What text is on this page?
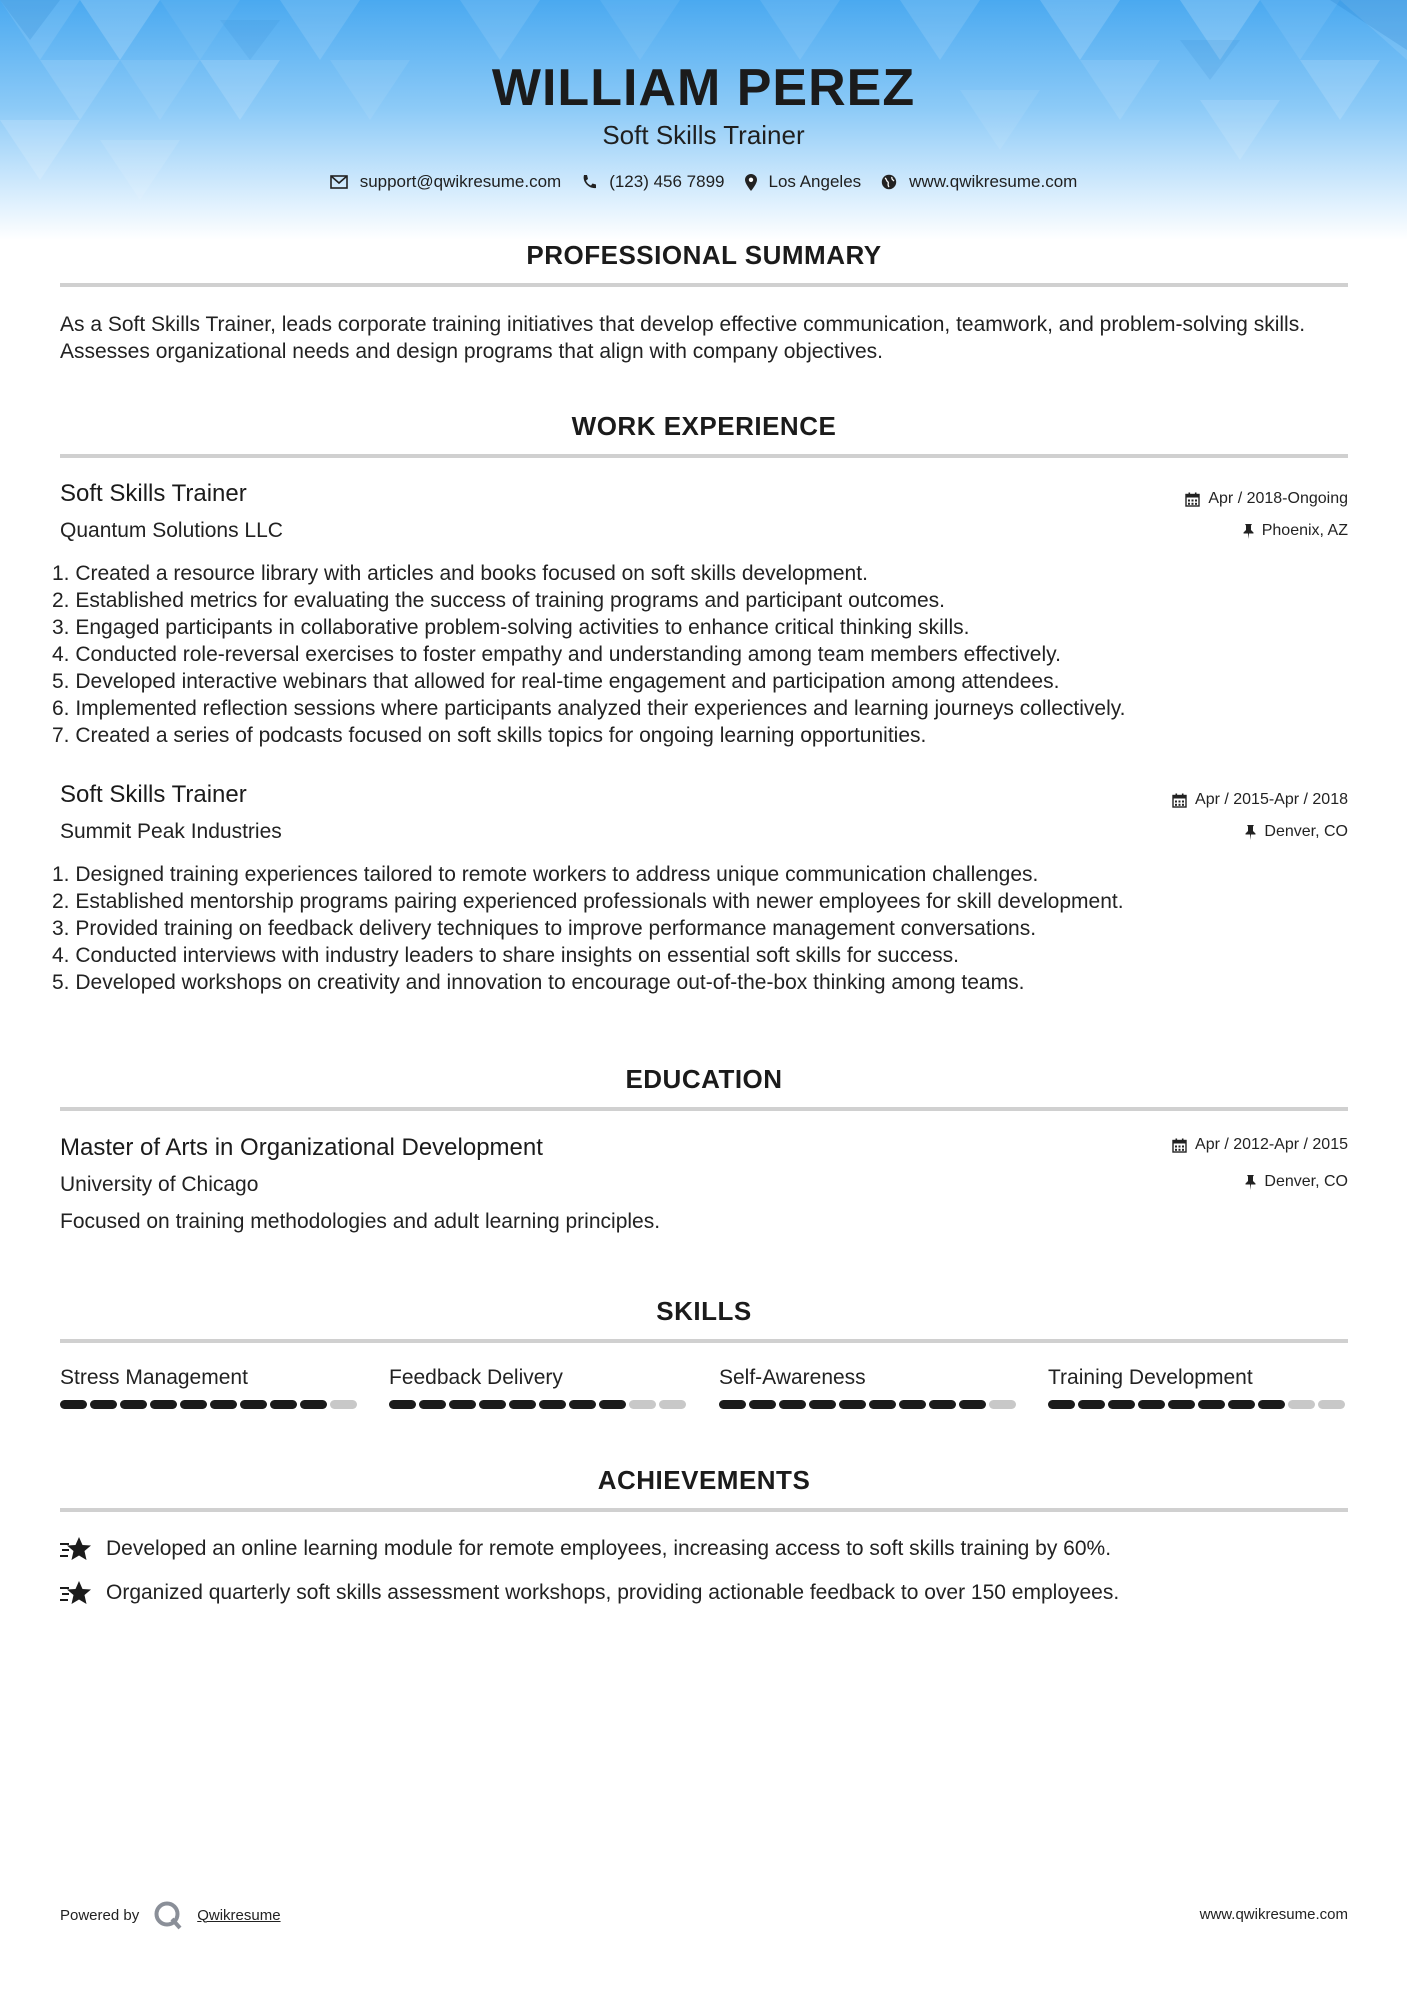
WILLIAM PEREZ
Soft Skills Trainer
support@qwikresume.com	(123) 456 7899	Los Angeles	www.qwikresume.com
PROFESSIONAL SUMMARY
As a Soft Skills Trainer, leads corporate training initiatives that develop effective communication, teamwork, and problem-solving skills. Assesses organizational needs and design programs that align with company objectives.
WORK EXPERIENCE
Soft Skills Trainer
Quantum Solutions LLC
Apr / 2018-Ongoing
Phoenix, AZ
1. Created a resource library with articles and books focused on soft skills development.
2. Established metrics for evaluating the success of training programs and participant outcomes.
3. Engaged participants in collaborative problem-solving activities to enhance critical thinking skills.
4. Conducted role-reversal exercises to foster empathy and understanding among team members effectively.
5. Developed interactive webinars that allowed for real-time engagement and participation among attendees.
6. Implemented reflection sessions where participants analyzed their experiences and learning journeys collectively.
7. Created a series of podcasts focused on soft skills topics for ongoing learning opportunities.
Soft Skills Trainer
Summit Peak Industries
Apr / 2015-Apr / 2018
Denver, CO
1. Designed training experiences tailored to remote workers to address unique communication challenges.
2. Established mentorship programs pairing experienced professionals with newer employees for skill development.
3. Provided training on feedback delivery techniques to improve performance management conversations.
4. Conducted interviews with industry leaders to share insights on essential soft skills for success.
5. Developed workshops on creativity and innovation to encourage out-of-the-box thinking among teams.
EDUCATION
Master of Arts in Organizational Development
University of Chicago
Focused on training methodologies and adult learning principles.
Apr / 2012-Apr / 2015
Denver, CO
SKILLS
Stress Management	Feedback Delivery	Self-Awareness	Training Development
ACHIEVEMENTS
Developed an online learning module for remote employees, increasing access to soft skills training by 60%.
Organized quarterly soft skills assessment workshops, providing actionable feedback to over 150 employees.
Powered by	Qwikresume	www.qwikresume.com
